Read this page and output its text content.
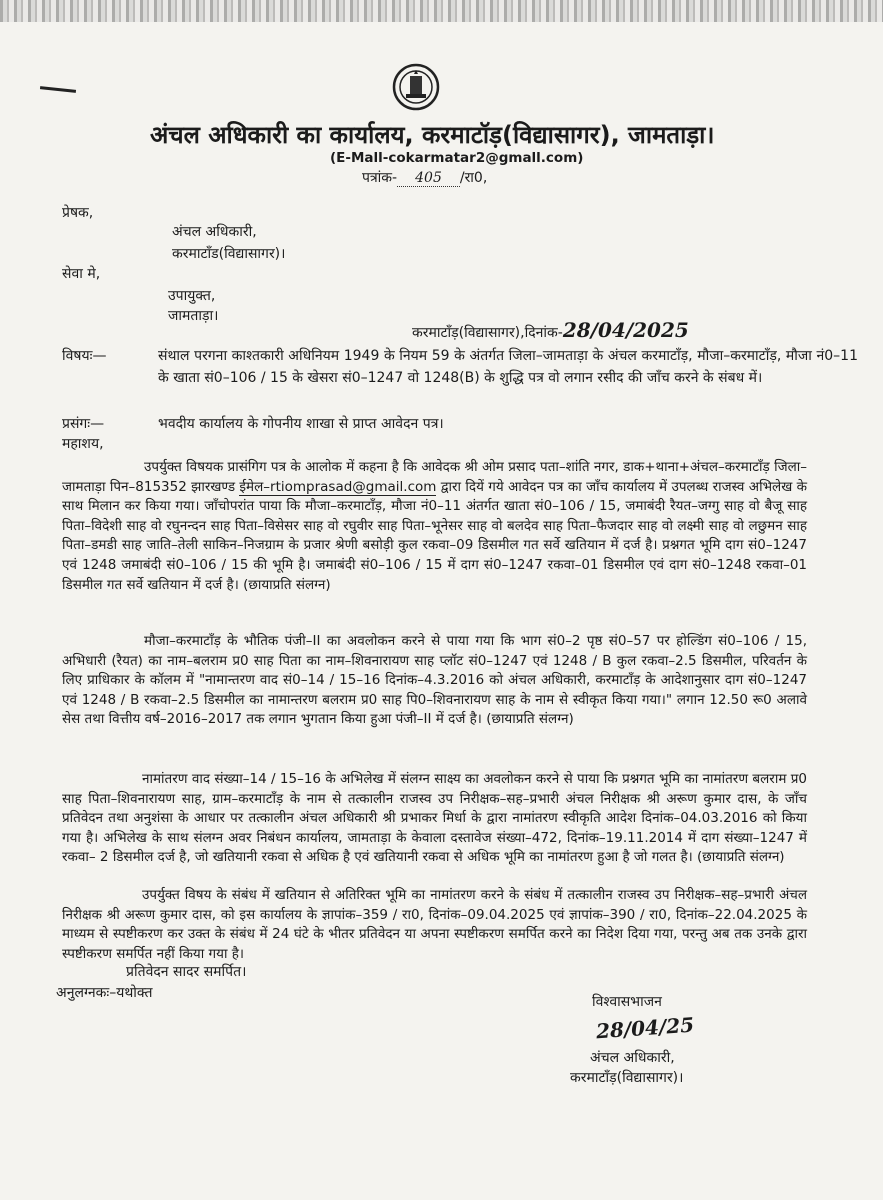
अंचल अधिकारी का कार्यालय, करमाटॉड़(विद्यासागर), जामताड़ा।
(E-Mall-cokarmatar2@gmall.com)
पत्रांक- 405 /रा0,
प्रेषक,
अंचल अधिकारी,
करमाटाँड(विद्यासागर)।
सेवा मे,
उपायुक्त,
जामताड़ा।
करमाटाँड़(विद्यासागर),दिनांक-28/04/2025
विषयः—	संथाल परगना काश्तकारी अधिनियम 1949 के नियम 59 के अंतर्गत जिला–जामताड़ा के अंचल करमाटाँड़, मौजा–करमाटाँड़, मौजा नं0–11 के खाता सं0–106 / 15 के खेसरा सं0–1247 वो 1248(B) के शुद्धि पत्र वो लगान रसीद की जाँच करने के संबध में।
प्रसंगः—	भवदीय कार्यालय के गोपनीय शाखा से प्राप्त आवेदन पत्र।
महाशय,
उपर्युक्त विषयक प्रासंगिग पत्र के आलोक में कहना है कि आवेदक श्री ओम प्रसाद पता–शांति नगर, डाक+थाना+अंचल–करमाटाँड़ जिला–जामताड़ा पिन–815352 झारखण्ड ईमेल–rtiomprasad@gmail.com द्वारा दियें गये आवेदन पत्र का जाँच कार्यालय में उपलब्ध राजस्व अभिलेख के साथ मिलान कर किया गया। जाँचोपरांत पाया कि मौजा–करमाटाँड़, मौजा नं0–11 अंतर्गत खाता सं0–106 / 15, जमाबंदी रैयत–जग्गु साह वो बैजू साह पिता–विदेशी साह वो रघुनन्दन साह पिता–विसेसर साह वो रघुवीर साह पिता–भूनेसर साह वो बलदेव साह पिता–फैजदार साह वो लक्ष्मी साह वो लछुमन साह पिता–डमडी साह जाति–तेली साकिन–निजग्राम के प्रजार श्रेणी बसोड़ी कुल रकवा–09 डिसमील गत सर्वे खतियान में दर्ज है। प्रश्नगत भूमि दाग सं0–1247 एवं 1248 जमाबंदी सं0–106 / 15 की भूमि है। जमाबंदी सं0–106 / 15 में दाग सं0–1247 रकवा–01 डिसमील एवं दाग सं0–1248 रकवा–01 डिसमील गत सर्वे खतियान में दर्ज है। (छायाप्रति संलग्न)
मौजा–करमाटाँड़ के भौतिक पंजी–II का अवलोकन करने से पाया गया कि भाग सं0–2 पृष्ठ सं0–57 पर होल्डिंग सं0–106 / 15, अभिधारी (रैयत) का नाम–बलराम प्र0 साह पिता का नाम–शिवनारायण साह प्लॉट सं0–1247 एवं 1248 / B कुल रकवा–2.5 डिसमील, परिवर्तन के लिए प्राधिकार के कॉलम में "नामान्तरण वाद सं0–14 / 15–16 दिनांक–4.3.2016 को अंचल अधिकारी, करमाटाँड़ के आदेशानुसार दाग सं0–1247 एवं 1248 / B रकवा–2.5 डिसमील का नामान्तरण बलराम प्र0 साह पि0–शिवनारायण साह के नाम से स्वीकृत किया गया।" लगान 12.50 रू0 अलावे सेस तथा वित्तीय वर्ष–2016–2017 तक लगान भुगतान किया हुआ पंजी–II में दर्ज है। (छायाप्रति संलग्न)
नामांतरण वाद संख्या–14 / 15–16 के अभिलेख में संलग्न साक्ष्य का अवलोकन करने से पाया कि प्रश्नगत भूमि का नामांतरण बलराम प्र0 साह पिता–शिवनारायण साह, ग्राम–करमाटाँड़ के नाम से तत्कालीन राजस्व उप निरीक्षक–सह–प्रभारी अंचल निरीक्षक श्री अरूण कुमार दास, के जाँच प्रतिवेदन तथा अनुशंसा के आधार पर तत्कालीन अंचल अधिकारी श्री प्रभाकर मिर्धा के द्वारा नामांतरण स्वीकृति आदेश दिनांक–04.03.2016 को किया गया है। अभिलेख के साथ संलग्न अवर निबंधन कार्यालय, जामताड़ा के केवाला दस्तावेज संख्या–472, दिनांक–19.11.2014 में दाग संख्या–1247 में रकवा– 2 डिसमील दर्ज है, जो खतियानी रकवा से अधिक है एवं खतियानी रकवा से अधिक भूमि का नामांतरण हुआ है जो गलत है। (छायाप्रति संलग्न)
उपर्युक्त विषय के संबंध में खतियान से अतिरिक्त भूमि का नामांतरण करने के संबंध में तत्कालीन राजस्व उप निरीक्षक–सह–प्रभारी अंचल निरीक्षक श्री अरूण कुमार दास, को इस कार्यालय के ज्ञापांक–359 / रा0, दिनांक–09.04.2025 एवं ज्ञापांक–390 / रा0, दिनांक–22.04.2025 के माध्यम से स्पष्टीकरण कर उक्त के संबंध में 24 घंटे के भीतर प्रतिवेदन या अपना स्पष्टीकरण समर्पित करने का निदेश दिया गया, परन्तु अब तक उनके द्वारा स्पष्टीकरण समर्पित नहीं किया गया है।
प्रतिवेदन सादर समर्पित।
अनुलग्नकः–यथोक्त
विश्वासभाजन
28/04/25
अंचल अधिकारी,
करमाटाँड़(विद्यासागर)।
